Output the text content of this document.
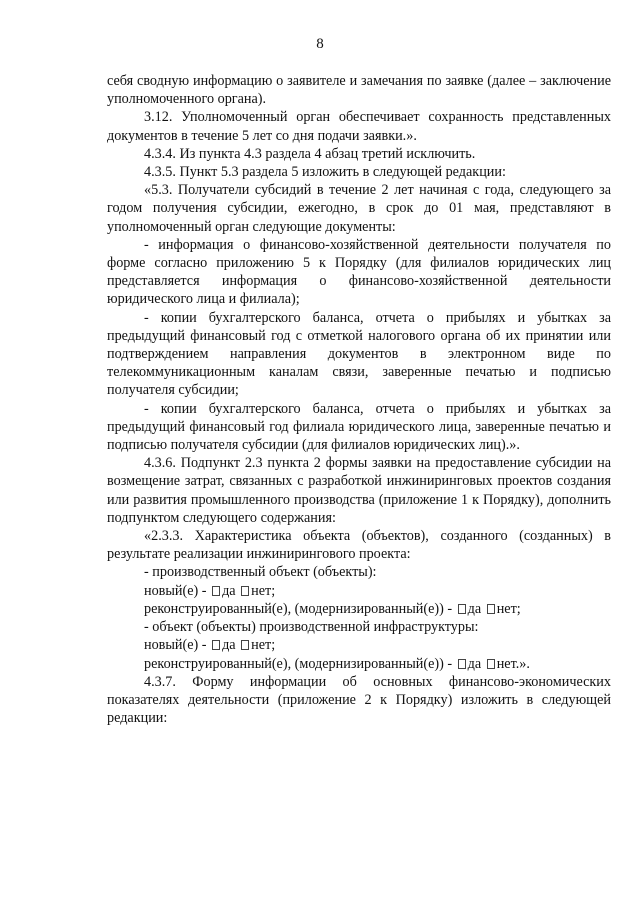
8

себя сводную информацию о заявителе и замечания по заявке (далее – заключение уполномоченного органа).

3.12. Уполномоченный орган обеспечивает сохранность представленных документов в течение 5 лет со дня подачи заявки.».

4.3.4. Из пункта 4.3 раздела 4 абзац третий исключить.

4.3.5. Пункт 5.3 раздела 5 изложить в следующей редакции:

«5.3. Получатели субсидий в течение 2 лет начиная с года, следующего за годом получения субсидии, ежегодно, в срок до 01 мая, представляют в уполномоченный орган следующие документы:

- информация о финансово-хозяйственной деятельности получателя по форме согласно приложению 5 к Порядку (для филиалов юридических лиц представляется информация о финансово-хозяйственной деятельности юридического лица и филиала);

- копии бухгалтерского баланса, отчета о прибылях и убытках за предыдущий финансовый год с отметкой налогового органа об их принятии или подтверждением направления документов в электронном виде по телекоммуникационным каналам связи, заверенные печатью и подписью получателя субсидии;

- копии бухгалтерского баланса, отчета о прибылях и убытках за предыдущий финансовый год филиала юридического лица, заверенные печатью и подписью получателя субсидии (для филиалов юридических лиц).».

4.3.6. Подпункт 2.3 пункта 2 формы заявки на предоставление субсидии на возмещение затрат, связанных с разработкой инжиниринговых проектов создания или развития промышленного производства (приложение 1 к Порядку), дополнить подпунктом следующего содержания:

«2.3.3. Характеристика объекта (объектов), созданного (созданных) в результате реализации инжинирингового проекта:

- производственный объект (объекты):

новый(е) - да нет;

реконструированный(е), (модернизированный(е)) - да нет;

- объект (объекты) производственной инфраструктуры:

новый(е) - да нет;

реконструированный(е), (модернизированный(е)) - да нет.».

4.3.7. Форму информации об основных финансово-экономических показателях деятельности (приложение 2 к Порядку) изложить в следующей редакции:
